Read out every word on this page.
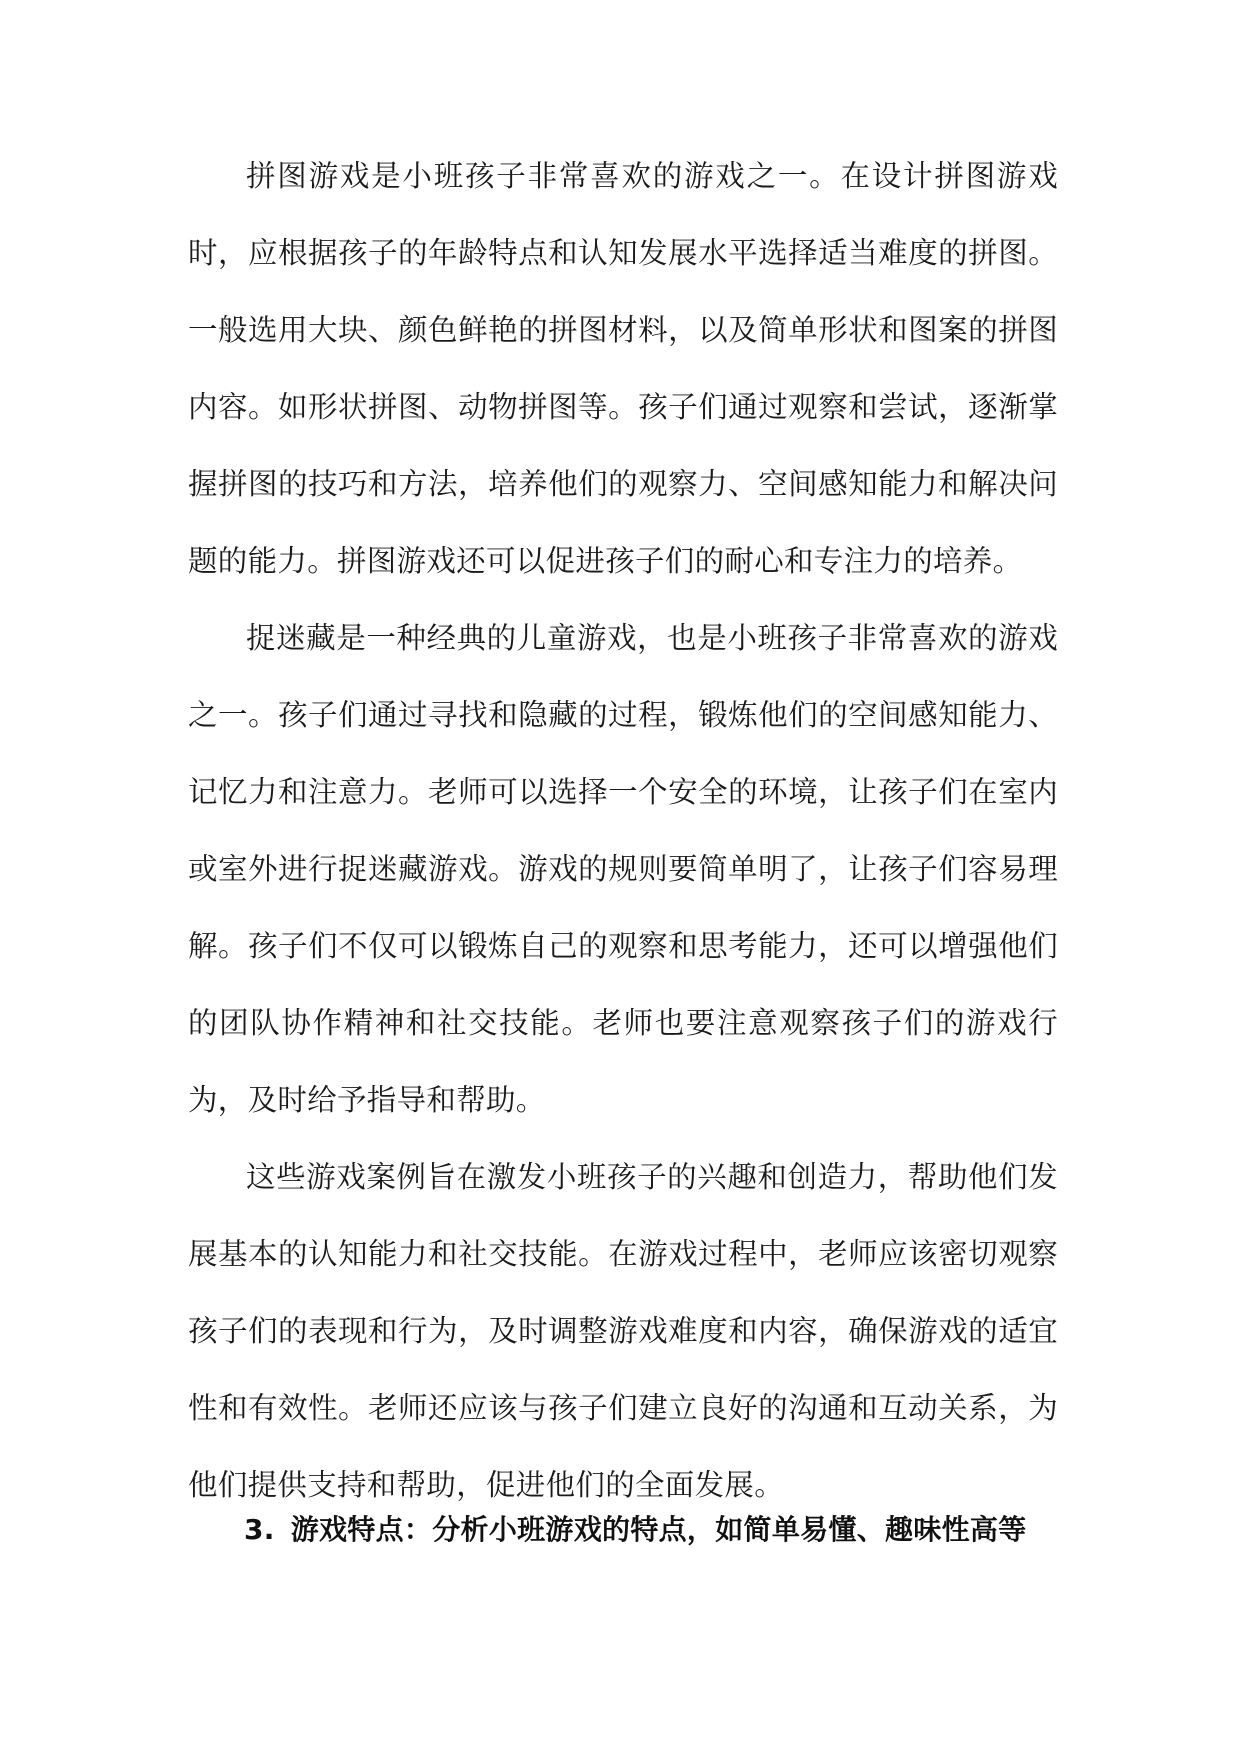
拼图游戏是小班孩子非常喜欢的游戏之一。在设计拼图游戏时，应根据孩子的年龄特点和认知发展水平选择适当难度的拼图。一般选用大块、颜色鲜艳的拼图材料，以及简单形状和图案的拼图内容。如形状拼图、动物拼图等。孩子们通过观察和尝试，逐渐掌握拼图的技巧和方法，培养他们的观察力、空间感知能力和解决问题的能力。拼图游戏还可以促进孩子们的耐心和专注力的培养。

捉迷藏是一种经典的儿童游戏，也是小班孩子非常喜欢的游戏之一。孩子们通过寻找和隐藏的过程，锻炼他们的空间感知能力、记忆力和注意力。老师可以选择一个安全的环境，让孩子们在室内或室外进行捉迷藏游戏。游戏的规则要简单明了，让孩子们容易理解。孩子们不仅可以锻炼自己的观察和思考能力，还可以增强他们的团队协作精神和社交技能。老师也要注意观察孩子们的游戏行为，及时给予指导和帮助。

这些游戏案例旨在激发小班孩子的兴趣和创造力，帮助他们发展基本的认知能力和社交技能。在游戏过程中，老师应该密切观察孩子们的表现和行为，及时调整游戏难度和内容，确保游戏的适宜性和有效性。老师还应该与孩子们建立良好的沟通和互动关系，为他们提供支持和帮助，促进他们的全面发展。

3. 游戏特点：分析小班游戏的特点，如简单易懂、趣味性高等
